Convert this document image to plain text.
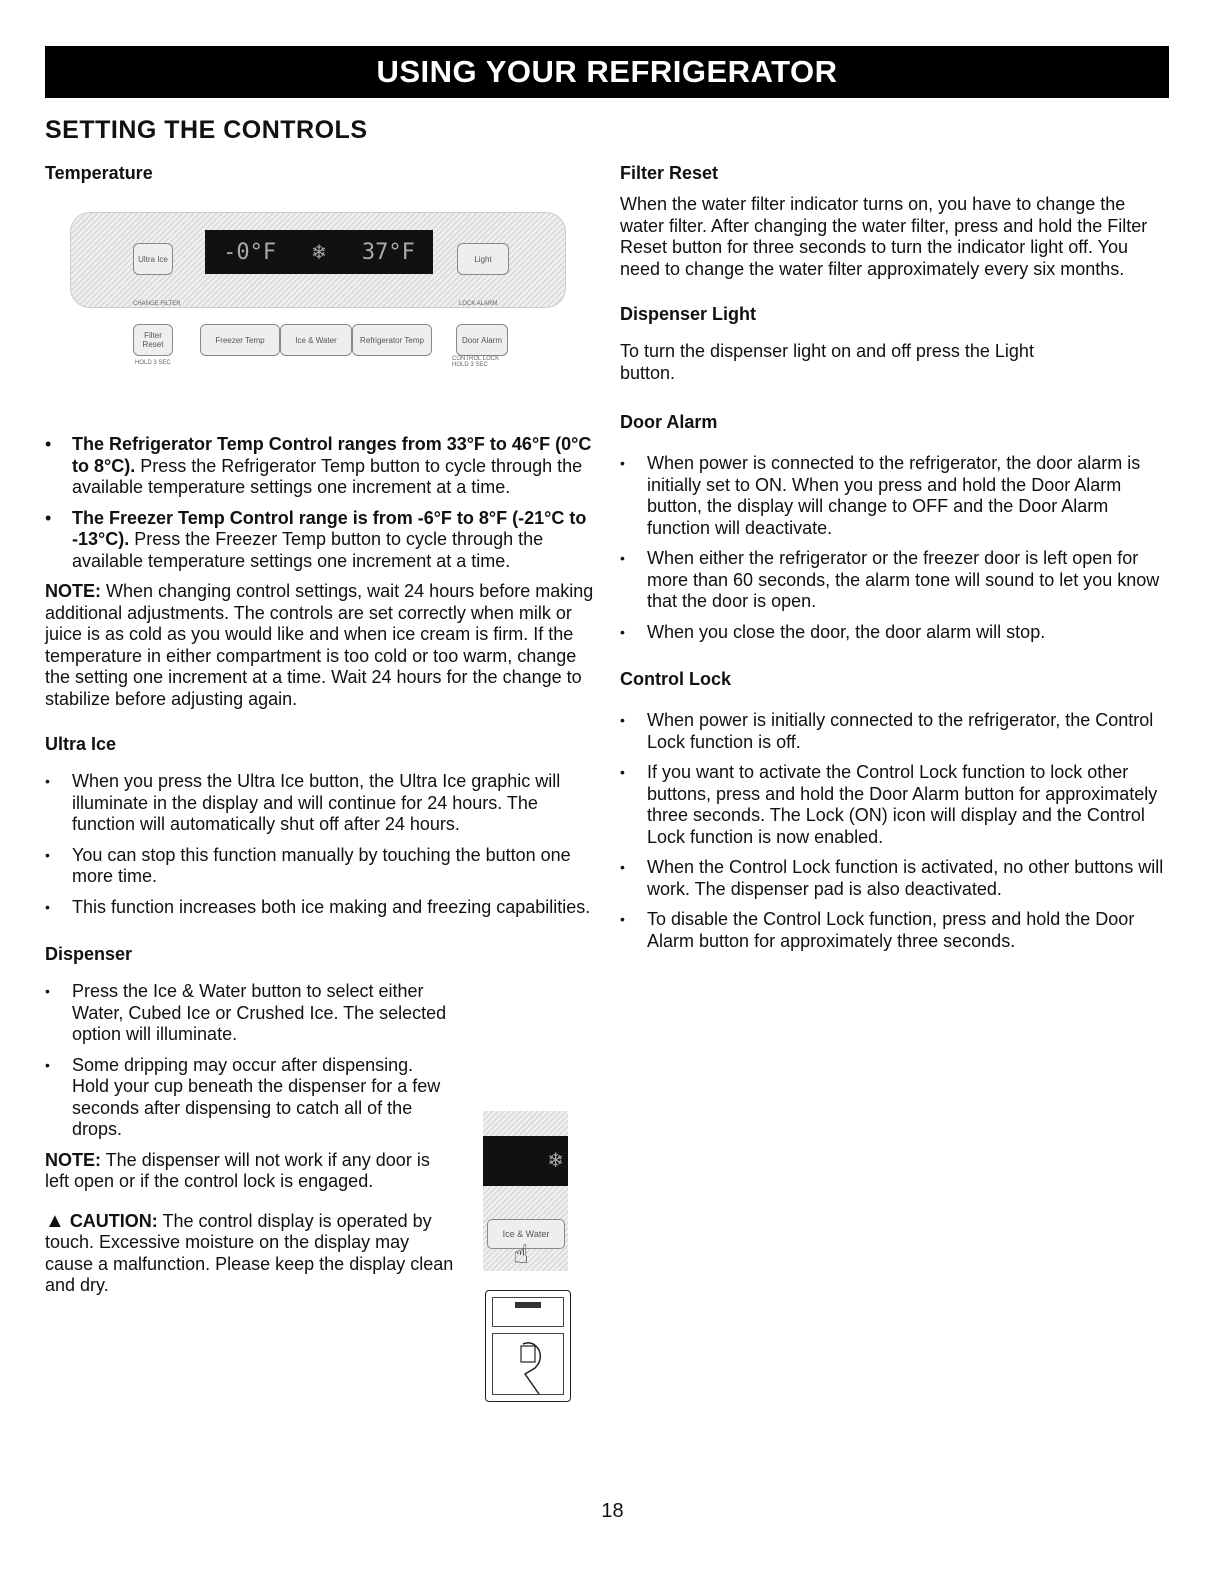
USING YOUR REFRIGERATOR
SETTING THE CONTROLS
Ultra Ice	-0°F ❄ 37°F	Light
CHANGE FILTER	LOCK ALARM
Filter Reset	Freezer Temp	Ice & Water	Refrigerator Temp	Door Alarm
HOLD 3 SEC
CONTROL LOCK HOLD 3 SEC
Temperature
• The Refrigerator Temp Control ranges from 33°F to 46°F (0°C to 8°C). Press the Refrigerator Temp button to cycle through the available temperature settings one increment at a time.
• The Freezer Temp Control range is from -6°F to 8°F (-21°C to -13°C). Press the Freezer Temp button to cycle through the available temperature settings one increment at a time.

NOTE: When changing control settings, wait 24 hours before making additional adjustments. The controls are set correctly when milk or juice is as cold as you would like and when ice cream is firm. If the temperature in either compartment is too cold or too warm, change the setting one increment at a time. Wait 24 hours for the change to stabilize before adjusting again.

Ultra Ice
• When you press the Ultra Ice button, the Ultra Ice graphic will illuminate in the display and will continue for 24 hours. The function will automatically shut off after 24 hours.
• You can stop this function manually by touching the button one more time.
• This function increases both ice making and freezing capabilities.
Dispenser
• Press the Ice & Water button to select either Water, Cubed Ice or Crushed Ice. The selected option will illuminate.
• Some dripping may occur after dispensing. Hold your cup beneath the dispenser for a few seconds after dispensing to catch all of the drops.

NOTE: The dispenser will not work if any door is left open or if the control lock is engaged.

▲ CAUTION: The control display is operated by touch. Excessive moisture on the display may cause a malfunction. Please keep the display clean and dry.

❄
Ice & Water
☝
Filter Reset

When the water filter indicator turns on, you have to change the water filter. After changing the water filter, press and hold the Filter Reset button for three seconds to turn the indicator light off. You need to change the water filter approximately every six months.

Dispenser Light

To turn the dispenser light on and off press the Light button.

Door Alarm
• When power is connected to the refrigerator, the door alarm is initially set to ON. When you press and hold the Door Alarm button, the display will change to OFF and the Door Alarm function will deactivate.
• When either the refrigerator or the freezer door is left open for more than 60 seconds, the alarm tone will sound to let you know that the door is open.
• When you close the door, the door alarm will stop.
Control Lock
• When power is initially connected to the refrigerator, the Control Lock function is off.
• If you want to activate the Control Lock function to lock other buttons, press and hold the Door Alarm button for approximately three seconds. The Lock (ON) icon will display and the Control Lock function is now enabled.
• When the Control Lock function is activated, no other buttons will work. The dispenser pad is also deactivated.
• To disable the Control Lock function, press and hold the Door Alarm button for approximately three seconds.
18
